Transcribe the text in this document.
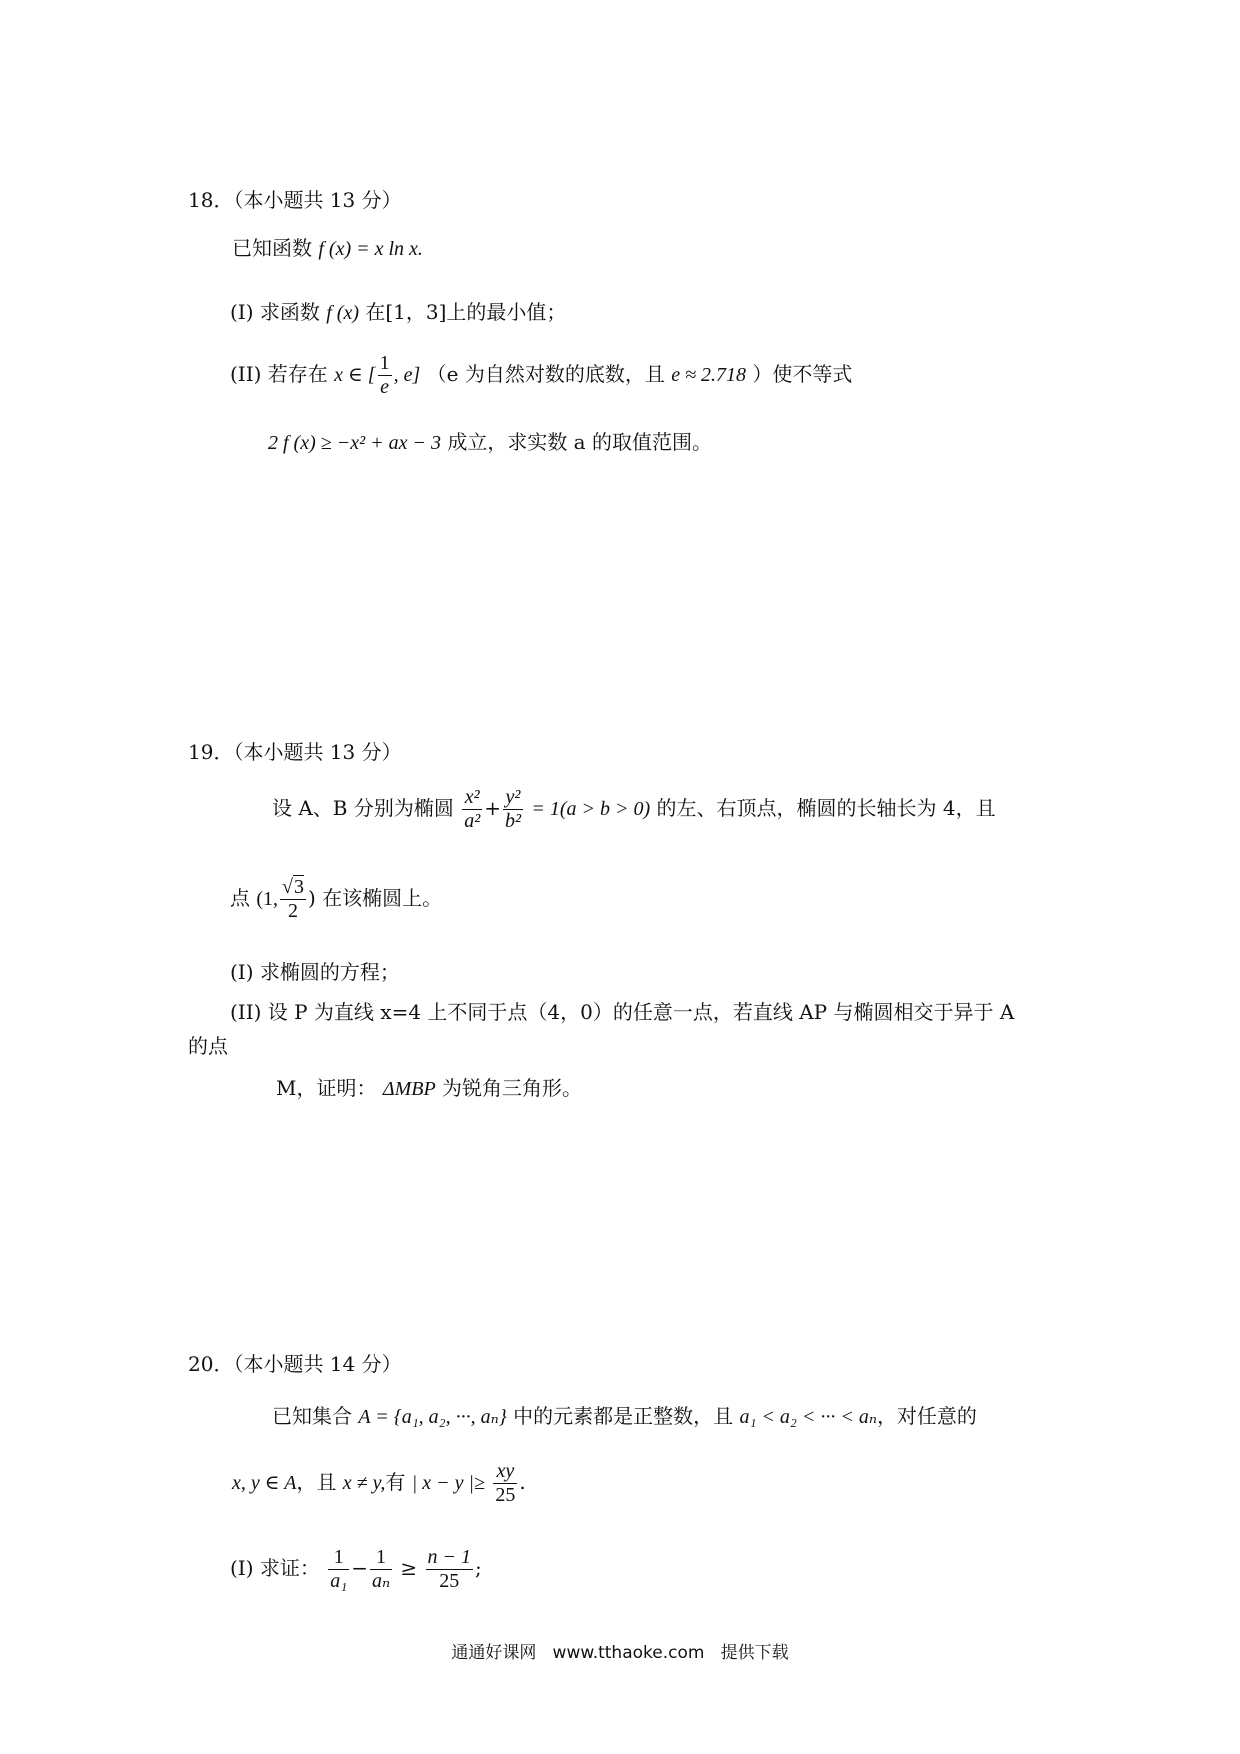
18．（本小题共 13 分）
已知函数 f (x) = x ln x.
(I) 求函数 f (x) 在[1，3]上的最小值；
(II) 若存在 x ∈ [ $\frac{1}{e}$ , e] （e 为自然对数的底数，且 e ≈ 2.718 ）使不等式
2 f (x) ≥ −x² + ax − 3 成立，求实数 a 的取值范围。
19．（本小题共 13 分）
设 A、B 分别为椭圆 $\frac{\text{x²}}{\text{a²}} + \frac{\text{y²}}{\text{b²}} = 1(a > b > 0)$ 的左、右顶点，椭圆的长轴长为 4，且
点 (1, $\frac{√3}{2}$ ) 在该椭圆上。
(I) 求椭圆的方程；
(II) 设 P 为直线 x=4 上不同于点（4，0）的任意一点，若直线 AP 与椭圆相交于异于 A
的点
M，证明： ΔMBP 为锐角三角形。
20．（本小题共 14 分）
已知集合 A = {a₁, a₂, ···, aₙ} 中的元素都是正整数，且 a₁ < a₂ < ··· < aₙ，对任意的
x, y ∈ A，且 x ≠ y,有 | x − y |≥ $\frac{xy}{25}$ .
(I) 求证： $\frac{1}{\text{a₁}} - \frac{1}{\text{aₙ}} \ge \frac{n - 1}{25}$ ;
通通好课网 www.tthaoke.com 提供下载
